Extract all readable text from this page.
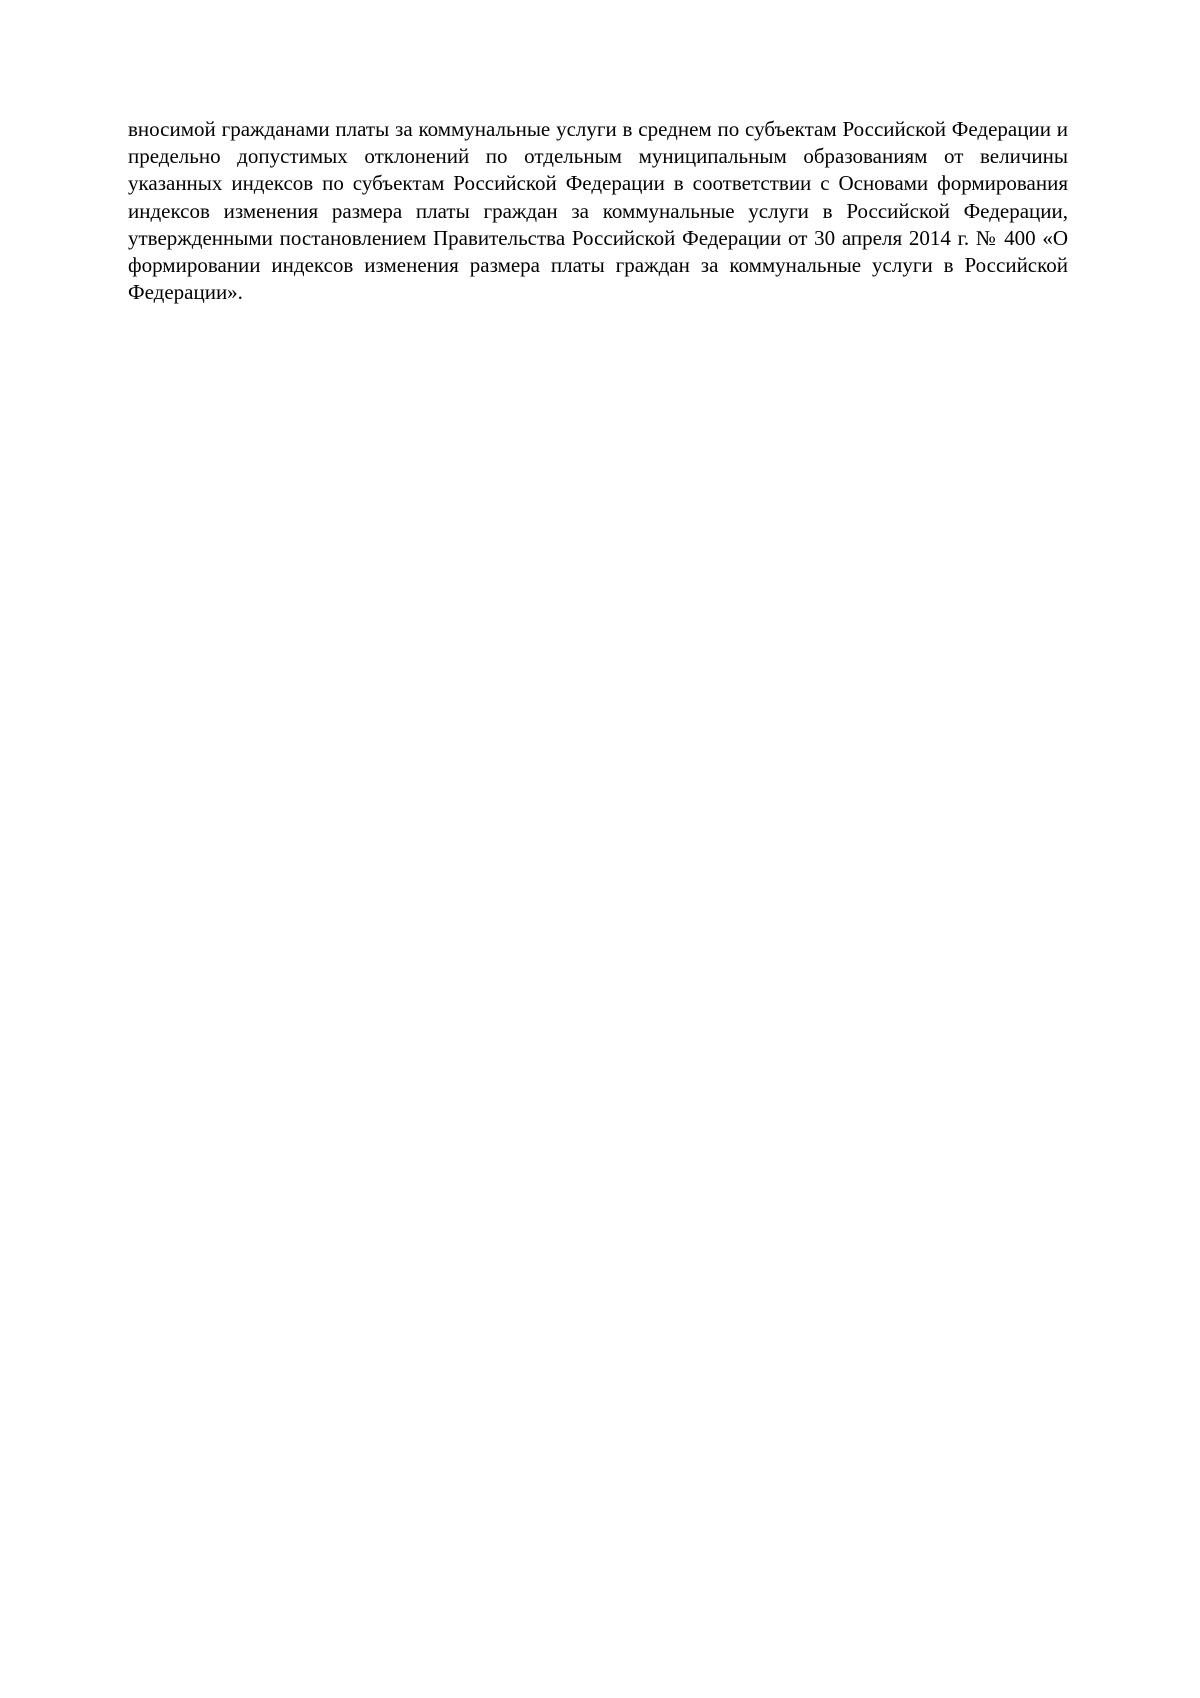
вносимой гражданами платы за коммунальные услуги в среднем по субъектам Российской Федерации и предельно допустимых отклонений по отдельным муниципальным образованиям от величины указанных индексов по субъектам Российской Федерации в соответствии с Основами формирования индексов изменения размера платы граждан за коммунальные услуги в Российской Федерации, утвержденными постановлением Правительства Российской Федерации от 30 апреля 2014 г. № 400 «О формировании индексов изменения размера платы граждан за коммунальные услуги в Российской Федерации».
